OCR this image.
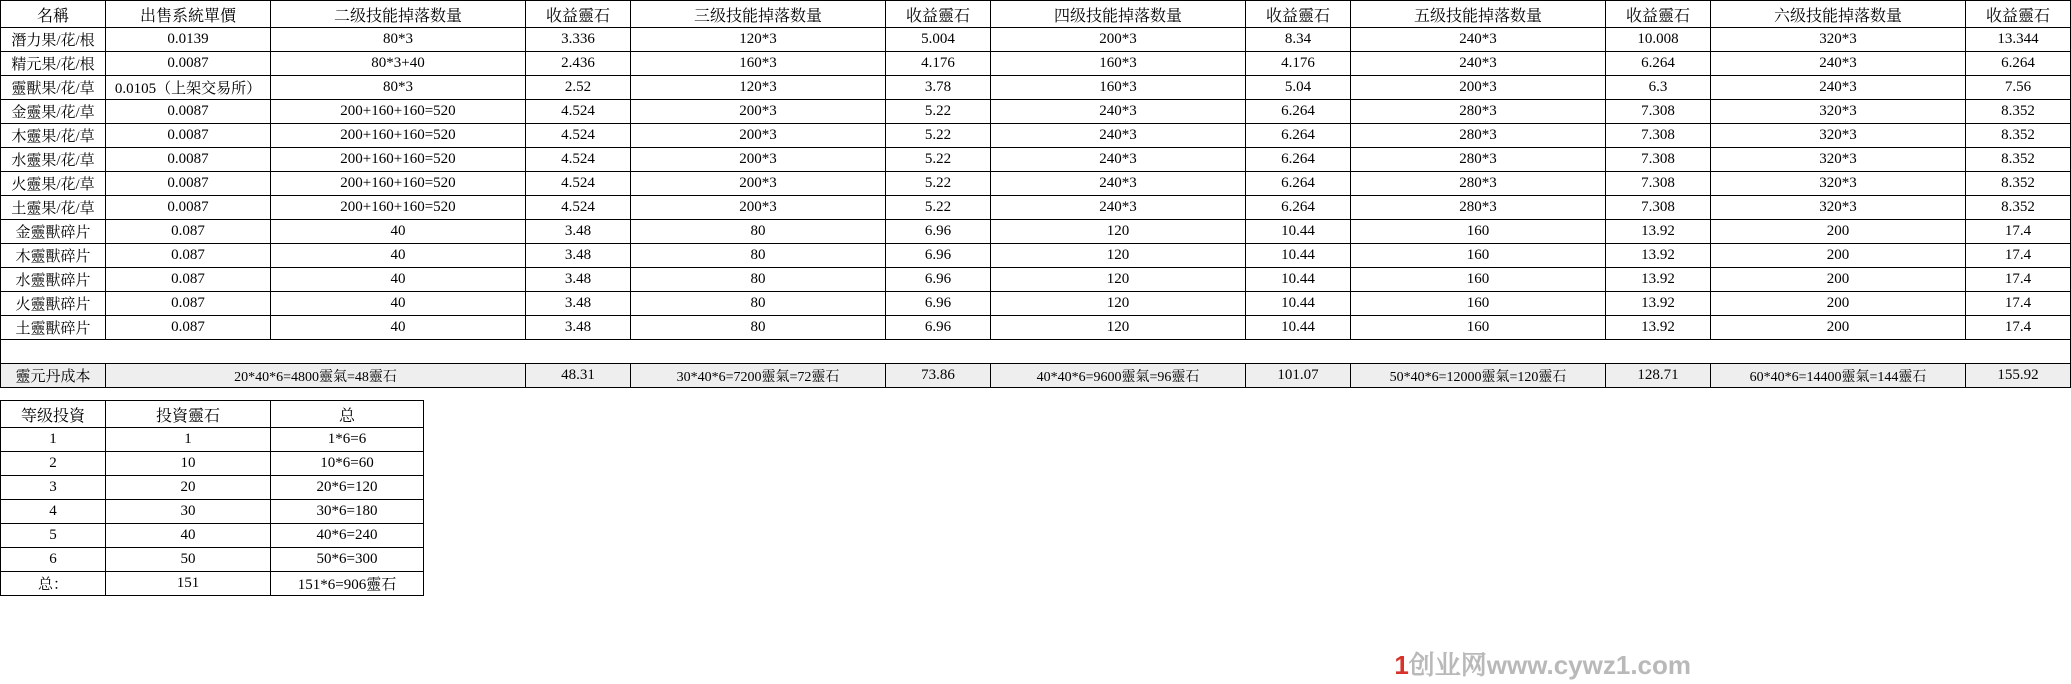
名稱	出售系統單價	二级技能掉落数量	收益靈石	三级技能掉落数量	收益靈石	四级技能掉落数量	收益靈石	五级技能掉落数量	收益靈石	六级技能掉落数量	收益靈石
潛力果/花/根	0.0139	80*3	3.336	120*3	5.004	200*3	8.34	240*3	10.008	320*3	13.344
精元果/花/根	0.0087	80*3+40	2.436	160*3	4.176	160*3	4.176	240*3	6.264	240*3	6.264
靈獸果/花/草	0.0105（上架交易所）	80*3	2.52	120*3	3.78	160*3	5.04	200*3	6.3	240*3	7.56
金靈果/花/草	0.0087	200+160+160=520	4.524	200*3	5.22	240*3	6.264	280*3	7.308	320*3	8.352
木靈果/花/草	0.0087	200+160+160=520	4.524	200*3	5.22	240*3	6.264	280*3	7.308	320*3	8.352
水靈果/花/草	0.0087	200+160+160=520	4.524	200*3	5.22	240*3	6.264	280*3	7.308	320*3	8.352
火靈果/花/草	0.0087	200+160+160=520	4.524	200*3	5.22	240*3	6.264	280*3	7.308	320*3	8.352
土靈果/花/草	0.0087	200+160+160=520	4.524	200*3	5.22	240*3	6.264	280*3	7.308	320*3	8.352
金靈獸碎片	0.087	40	3.48	80	6.96	120	10.44	160	13.92	200	17.4
木靈獸碎片	0.087	40	3.48	80	6.96	120	10.44	160	13.92	200	17.4
水靈獸碎片	0.087	40	3.48	80	6.96	120	10.44	160	13.92	200	17.4
火靈獸碎片	0.087	40	3.48	80	6.96	120	10.44	160	13.92	200	17.4
土靈獸碎片	0.087	40	3.48	80	6.96	120	10.44	160	13.92	200	17.4

靈元丹成本	20*40*6=4800靈氣=48靈石		48.31	30*40*6=7200靈氣=72靈石	73.86	40*40*6=9600靈氣=96靈石	101.07	50*40*6=12000靈氣=120靈石	128.71	60*40*6=14400靈氣=144靈石	155.92
等级投資	投資靈石	总
1	1	1*6=6
2	10	10*6=60
3	20	20*6=120
4	30	30*6=180
5	40	40*6=240
6	50	50*6=300
总：	151	151*6=906靈石
1创业网www.cywz1.com
